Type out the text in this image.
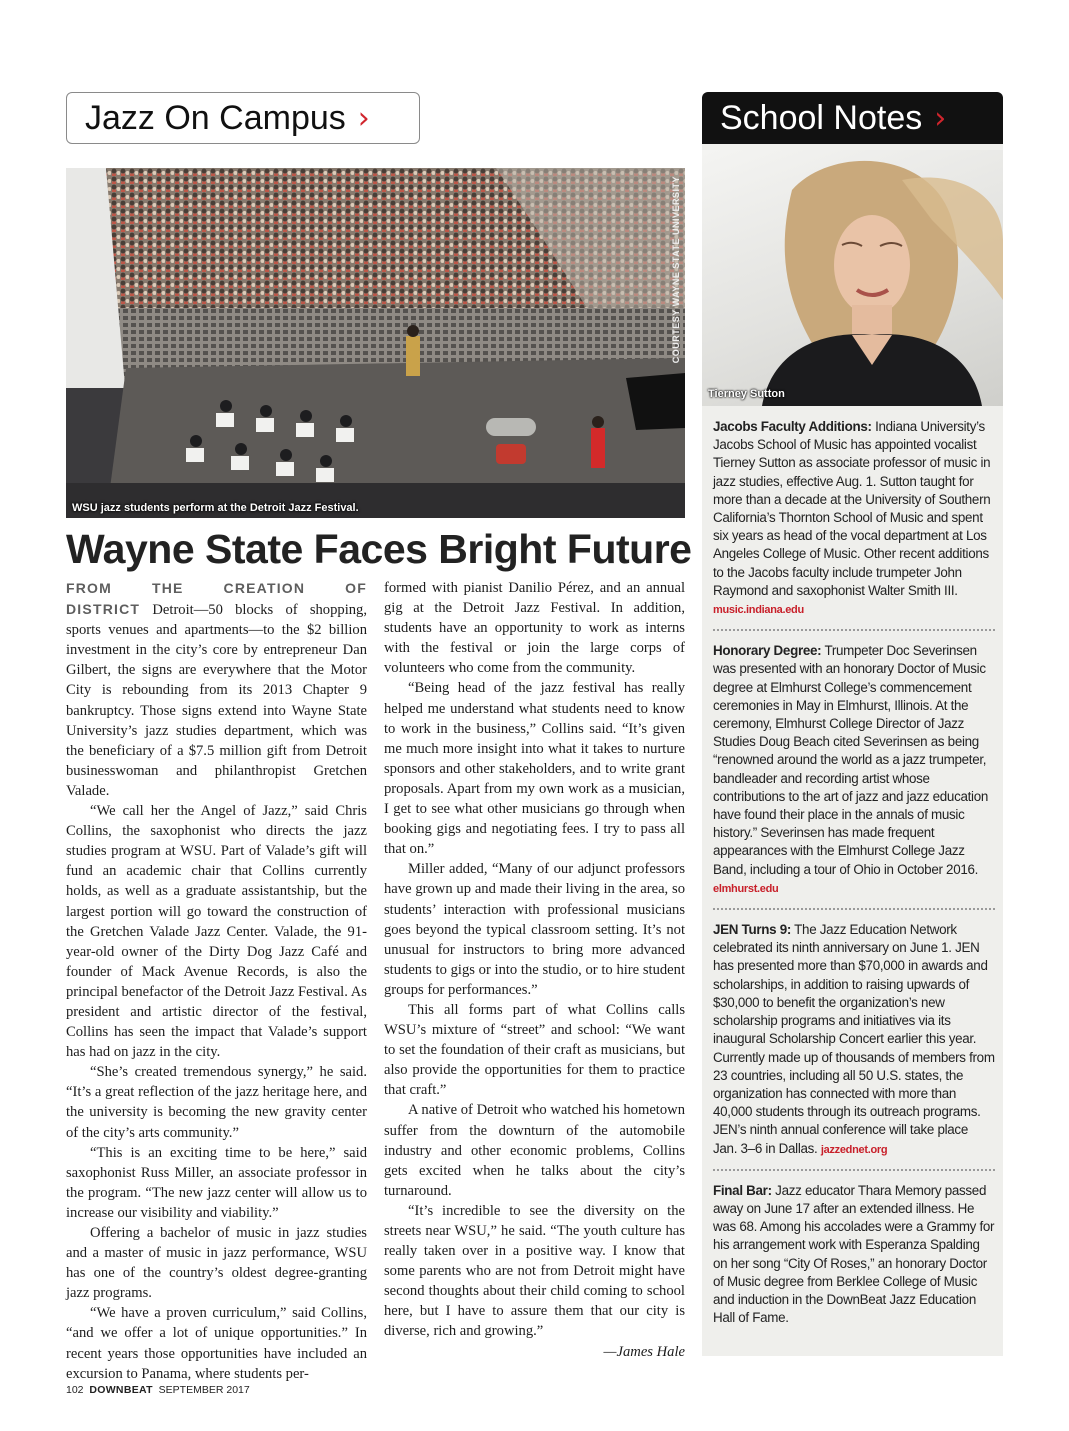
Jazz On Campus ›	School Notes ›
WSU jazz students perform at the Detroit Jazz Festival.
COURTESY WAYNE STATE UNIVERSITY
Wayne State Faces Bright Future

FROM THE CREATION OF DISTRICT Detroit—50 blocks of shopping, sports venues and apartments—to the $2 billion investment in the city’s core by entrepreneur Dan Gilbert, the signs are everywhere that the Motor City is rebounding from its 2013 Chapter 9 bankruptcy. Those signs extend into Wayne State University’s jazz studies department, which was the beneficiary of a $7.5 million gift from Detroit businesswoman and philanthropist Gretchen Valade.

“We call her the Angel of Jazz,” said Chris Collins, the saxophonist who directs the jazz studies program at WSU. Part of Valade’s gift will fund an academic chair that Collins currently holds, as well as a graduate assistantship, but the largest portion will go toward the construction of the Gretchen Valade Jazz Center. Valade, the 91-year-old owner of the Dirty Dog Jazz Café and founder of Mack Avenue Records, is also the principal benefactor of the Detroit Jazz Festival. As president and artistic director of the festival, Collins has seen the impact that Valade’s support has had on jazz in the city.

“She’s created tremendous synergy,” he said. “It’s a great reflection of the jazz heritage here, and the university is becoming the new gravity center of the city’s arts community.”

“This is an exciting time to be here,” said saxophonist Russ Miller, an associate professor in the program. “The new jazz center will allow us to increase our visibility and viability.”

Offering a bachelor of music in jazz studies and a master of music in jazz performance, WSU has one of the country’s oldest degree-granting jazz programs.

“We have a proven curriculum,” said Collins, “and we offer a lot of unique opportunities.” In recent years those opportunities have included an excursion to Panama, where students per-

formed with pianist Danilio Pérez, and an annual gig at the Detroit Jazz Festival. In addition, students have an opportunity to work as interns with the festival or join the large corps of volunteers who come from the community.

“Being head of the jazz festival has really helped me understand what students need to know to work in the business,” Collins said. “It’s given me much more insight into what it takes to nurture sponsors and other stakeholders, and to write grant proposals. Apart from my own work as a musician, I get to see what other musicians go through when booking gigs and negotiating fees. I try to pass all that on.”

Miller added, “Many of our adjunct professors have grown up and made their living in the area, so students’ interaction with professional musicians goes beyond the typical classroom setting. It’s not unusual for instructors to bring more advanced students to gigs or into the studio, or to hire student groups for performances.”

This all forms part of what Collins calls WSU’s mixture of “street” and school: “We want to set the foundation of their craft as musicians, but also provide the opportunities for them to practice that craft.”

A native of Detroit who watched his hometown suffer from the downturn of the automobile industry and other economic problems, Collins gets excited when he talks about the city’s turnaround.

“It’s incredible to see the diversity on the streets near WSU,” he said. “The youth culture has really taken over in a positive way. I know that some parents who are not from Detroit might have second thoughts about their child coming to school here, but I have to assure them that our city is diverse, rich and growing.”

—James Hale
Tierney Sutton
Jacobs Faculty Additions: Indiana University’s Jacobs School of Music has appointed vocalist Tierney Sutton as associate professor of music in jazz studies, effective Aug. 1. Sutton taught for more than a decade at the University of Southern California’s Thornton School of Music and spent six years as head of the vocal department at Los Angeles College of Music. Other recent additions to the Jacobs faculty include trumpeter John Raymond and saxophonist Walter Smith III. music.indiana.edu
Honorary Degree: Trumpeter Doc Severinsen was presented with an honorary Doctor of Music degree at Elmhurst College’s commencement ceremonies in May in Elmhurst, Illinois. At the ceremony, Elmhurst College Director of Jazz Studies Doug Beach cited Severinsen as being “renowned around the world as a jazz trumpeter, bandleader and recording artist whose contributions to the art of jazz and jazz education have found their place in the annals of music history.” Severinsen has made frequent appearances with the Elmhurst College Jazz Band, including a tour of Ohio in October 2016. elmhurst.edu
JEN Turns 9: The Jazz Education Network celebrated its ninth anniversary on June 1. JEN has presented more than $70,000 in awards and scholarships, in addition to raising upwards of $30,000 to benefit the organization’s new scholarship programs and initiatives via its inaugural Scholarship Concert earlier this year. Currently made up of thousands of members from 23 countries, including all 50 U.S. states, the organization has connected with more than 40,000 students through its outreach programs. JEN’s ninth annual conference will take place Jan. 3–6 in Dallas. jazzednet.org
Final Bar: Jazz educator Thara Memory passed away on June 17 after an extended illness. He was 68. Among his accolades were a Grammy for his arrangement work with Esperanza Spalding on her song “City Of Roses,” an honorary Doctor of Music degree from Berklee College of Music and induction in the DownBeat Jazz Education Hall of Fame.
102 DOWNBEAT SEPTEMBER 2017
